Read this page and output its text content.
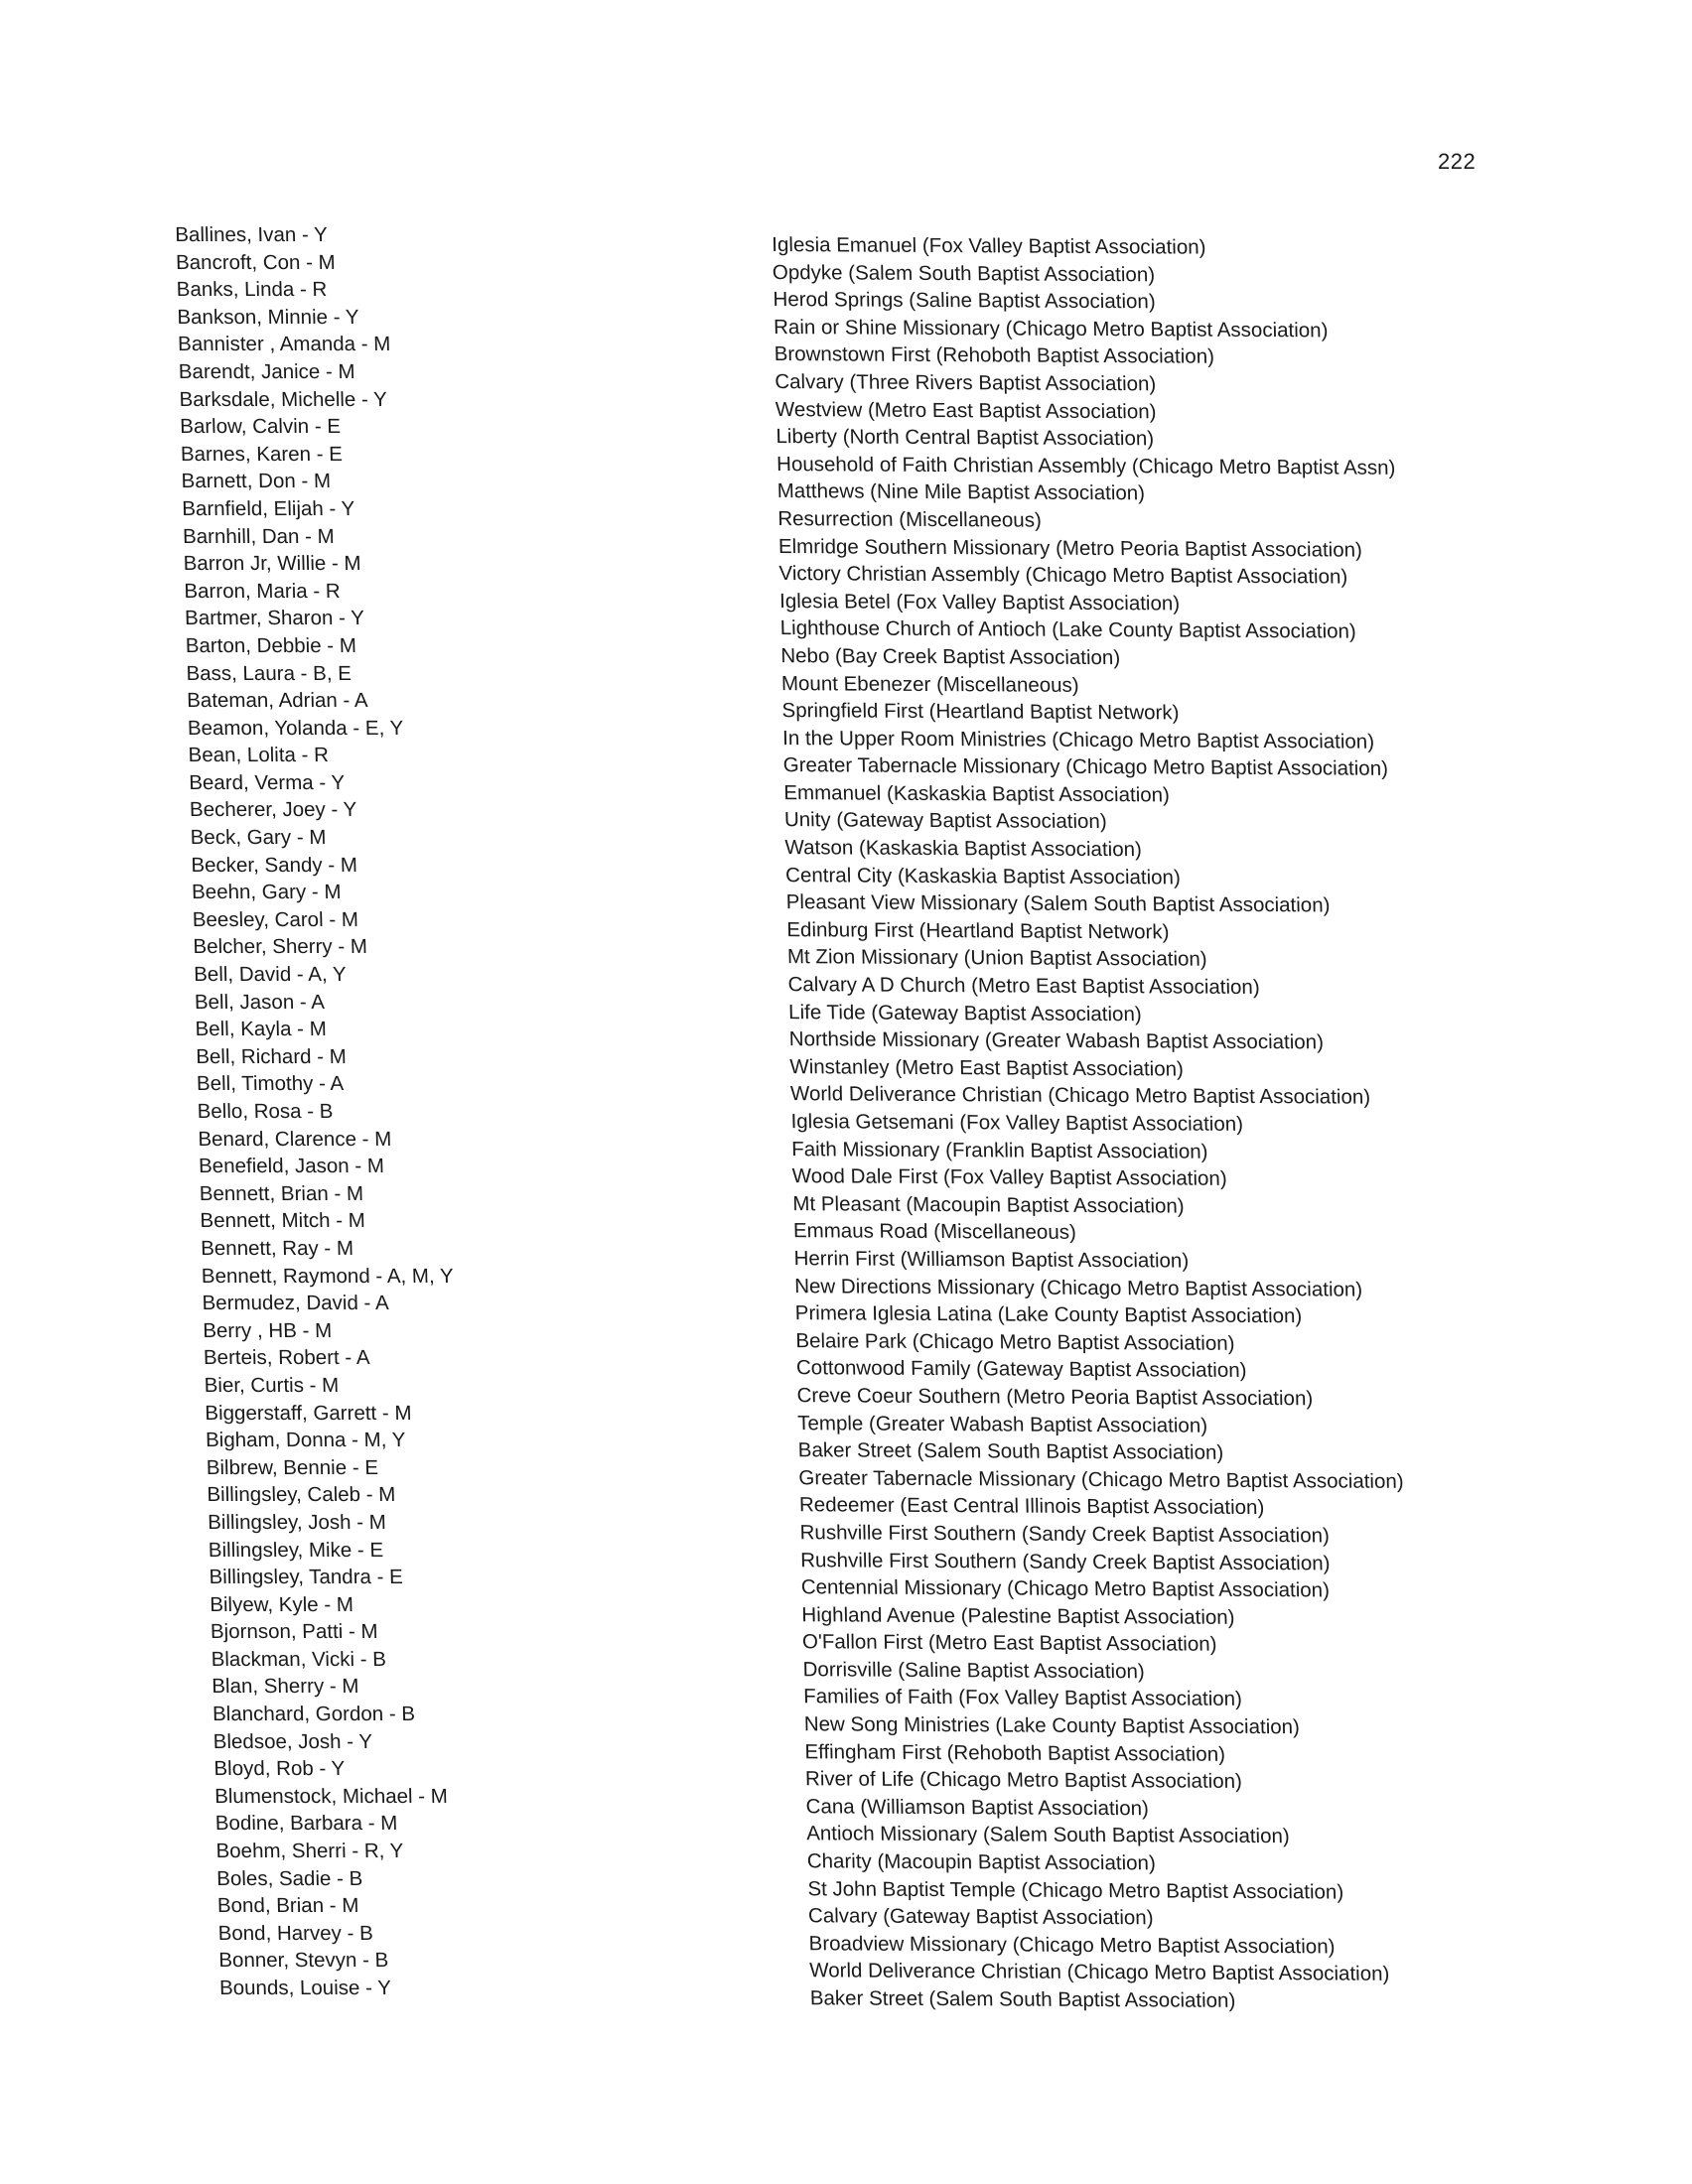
222
Ballines, Ivan - Y
Bancroft, Con - M
Banks, Linda - R
Bankson, Minnie - Y
Bannister , Amanda - M
Barendt, Janice - M
Barksdale, Michelle - Y
Barlow, Calvin - E
Barnes, Karen - E
Barnett, Don - M
Barnfield, Elijah - Y
Barnhill, Dan - M
Barron Jr, Willie - M
Barron, Maria - R
Bartmer, Sharon - Y
Barton, Debbie - M
Bass, Laura - B, E
Bateman, Adrian - A
Beamon, Yolanda - E, Y
Bean, Lolita - R
Beard, Verma - Y
Becherer, Joey - Y
Beck, Gary - M
Becker, Sandy - M
Beehn, Gary - M
Beesley, Carol - M
Belcher, Sherry - M
Bell, David - A, Y
Bell, Jason - A
Bell, Kayla - M
Bell, Richard - M
Bell, Timothy - A
Bello, Rosa - B
Benard, Clarence - M
Benefield, Jason - M
Bennett, Brian - M
Bennett, Mitch - M
Bennett, Ray - M
Bennett, Raymond - A, M, Y
Bermudez, David - A
Berry , HB - M
Berteis, Robert - A
Bier, Curtis - M
Biggerstaff, Garrett - M
Bigham, Donna - M, Y
Bilbrew, Bennie - E
Billingsley, Caleb - M
Billingsley, Josh - M
Billingsley, Mike - E
Billingsley, Tandra - E
Bilyew, Kyle - M
Bjornson, Patti - M
Blackman, Vicki - B
Blan, Sherry - M
Blanchard, Gordon - B
Bledsoe, Josh - Y
Bloyd, Rob - Y
Blumenstock, Michael - M
Bodine, Barbara - M
Boehm, Sherri - R, Y
Boles, Sadie - B
Bond, Brian - M
Bond, Harvey - B
Bonner, Stevyn - B
Bounds, Louise - Y
Iglesia Emanuel (Fox Valley Baptist Association)
Opdyke (Salem South Baptist Association)
Herod Springs (Saline Baptist Association)
Rain or Shine Missionary (Chicago Metro Baptist Association)
Brownstown First (Rehoboth Baptist Association)
Calvary (Three Rivers Baptist Association)
Westview (Metro East Baptist Association)
Liberty (North Central Baptist Association)
Household of Faith Christian Assembly (Chicago Metro Baptist Assn)
Matthews (Nine Mile Baptist Association)
Resurrection (Miscellaneous)
Elmridge Southern Missionary (Metro Peoria Baptist Association)
Victory Christian Assembly (Chicago Metro Baptist Association)
Iglesia Betel (Fox Valley Baptist Association)
Lighthouse Church of Antioch (Lake County Baptist Association)
Nebo (Bay Creek Baptist Association)
Mount Ebenezer (Miscellaneous)
Springfield First (Heartland Baptist Network)
In the Upper Room Ministries (Chicago Metro Baptist Association)
Greater Tabernacle Missionary (Chicago Metro Baptist Association)
Emmanuel (Kaskaskia Baptist Association)
Unity (Gateway Baptist Association)
Watson (Kaskaskia Baptist Association)
Central City (Kaskaskia Baptist Association)
Pleasant View Missionary (Salem South Baptist Association)
Edinburg First (Heartland Baptist Network)
Mt Zion Missionary (Union Baptist Association)
Calvary A D Church (Metro East Baptist Association)
Life Tide (Gateway Baptist Association)
Northside Missionary (Greater Wabash Baptist Association)
Winstanley (Metro East Baptist Association)
World Deliverance Christian (Chicago Metro Baptist Association)
Iglesia Getsemani (Fox Valley Baptist Association)
Faith Missionary (Franklin Baptist Association)
Wood Dale First (Fox Valley Baptist Association)
Mt Pleasant (Macoupin Baptist Association)
Emmaus Road (Miscellaneous)
Herrin First (Williamson Baptist Association)
New Directions Missionary (Chicago Metro Baptist Association)
Primera Iglesia Latina (Lake County Baptist Association)
Belaire Park (Chicago Metro Baptist Association)
Cottonwood Family (Gateway Baptist Association)
Creve Coeur Southern (Metro Peoria Baptist Association)
Temple (Greater Wabash Baptist Association)
Baker Street (Salem South Baptist Association)
Greater Tabernacle Missionary (Chicago Metro Baptist Association)
Redeemer (East Central Illinois Baptist Association)
Rushville First Southern (Sandy Creek Baptist Association)
Rushville First Southern (Sandy Creek Baptist Association)
Centennial Missionary (Chicago Metro Baptist Association)
Highland Avenue (Palestine Baptist Association)
O'Fallon First (Metro East Baptist Association)
Dorrisville (Saline Baptist Association)
Families of Faith (Fox Valley Baptist Association)
New Song Ministries (Lake County Baptist Association)
Effingham First (Rehoboth Baptist Association)
River of Life (Chicago Metro Baptist Association)
Cana (Williamson Baptist Association)
Antioch Missionary (Salem South Baptist Association)
Charity (Macoupin Baptist Association)
St John Baptist Temple (Chicago Metro Baptist Association)
Calvary (Gateway Baptist Association)
Broadview Missionary (Chicago Metro Baptist Association)
World Deliverance Christian (Chicago Metro Baptist Association)
Baker Street (Salem South Baptist Association)
